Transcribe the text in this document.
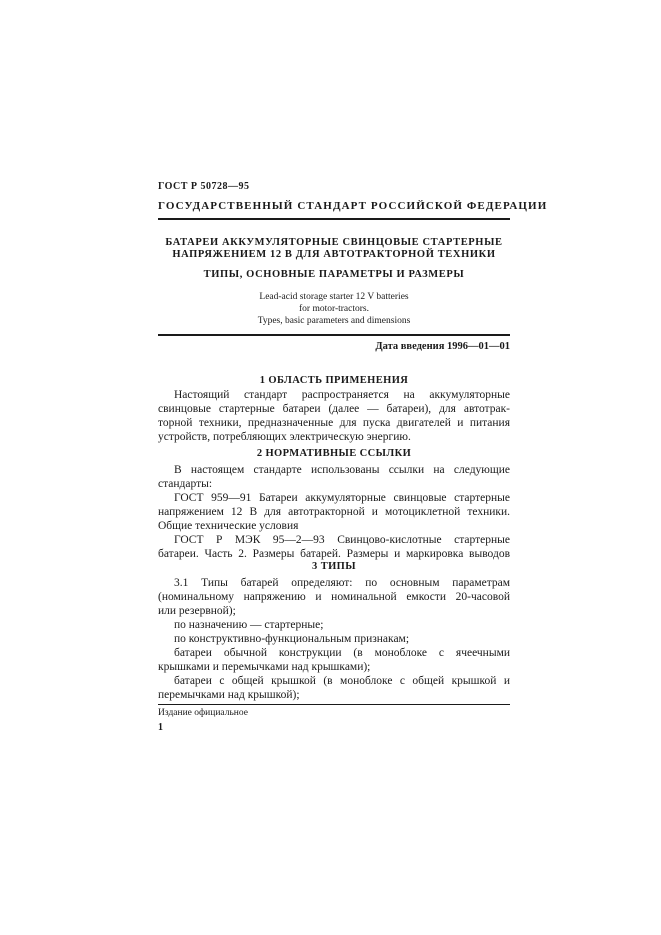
ГОСТ Р 50728—95
ГОСУДАРСТВЕННЫЙ СТАНДАРТ РОССИЙСКОЙ ФЕДЕРАЦИИ
БАТАРЕИ АККУМУЛЯТОРНЫЕ СВИНЦОВЫЕ СТАРТЕРНЫЕ
НАПРЯЖЕНИЕМ 12 В ДЛЯ АВТОТРАКТОРНОЙ ТЕХНИКИ
ТИПЫ, ОСНОВНЫЕ ПАРАМЕТРЫ И РАЗМЕРЫ
Lead-acid storage starter 12 V batteries
for motor-tractors.
Types, basic parameters and dimensions
Дата введения 1996—01—01
1 ОБЛАСТЬ ПРИМЕНЕНИЯ
Настоящий стандарт распространяется на аккумуляторные
свинцовые стартерные батареи (далее — батареи), для автотрак-
торной техники, предназначенные для пуска двигателей и питания
устройств, потребляющих электрическую энергию.
2 НОРМАТИВНЫЕ ССЫЛКИ
В настоящем стандарте использованы ссылки на следующие
стандарты:
ГОСТ 959—91 Батареи аккумуляторные свинцовые стартерные
напряжением 12 В для автотракторной и мотоциклетной техники.
Общие технические условия
ГОСТ Р МЭК 95—2—93 Свинцово-кислотные стартерные
батареи. Часть 2. Размеры батарей. Размеры и маркировка выводов
3 ТИПЫ
3.1 Типы батарей определяют: по основным параметрам
(номинальному напряжению и номинальной емкости 20-часовой
или резервной);
по назначению — стартерные;
по конструктивно-функциональным признакам;
батареи обычной конструкции (в моноблоке с ячеечными
крышками и перемычками над крышками);
батареи с общей крышкой (в моноблоке с общей крышкой и
перемычками над крышкой);
Издание официальное
1
